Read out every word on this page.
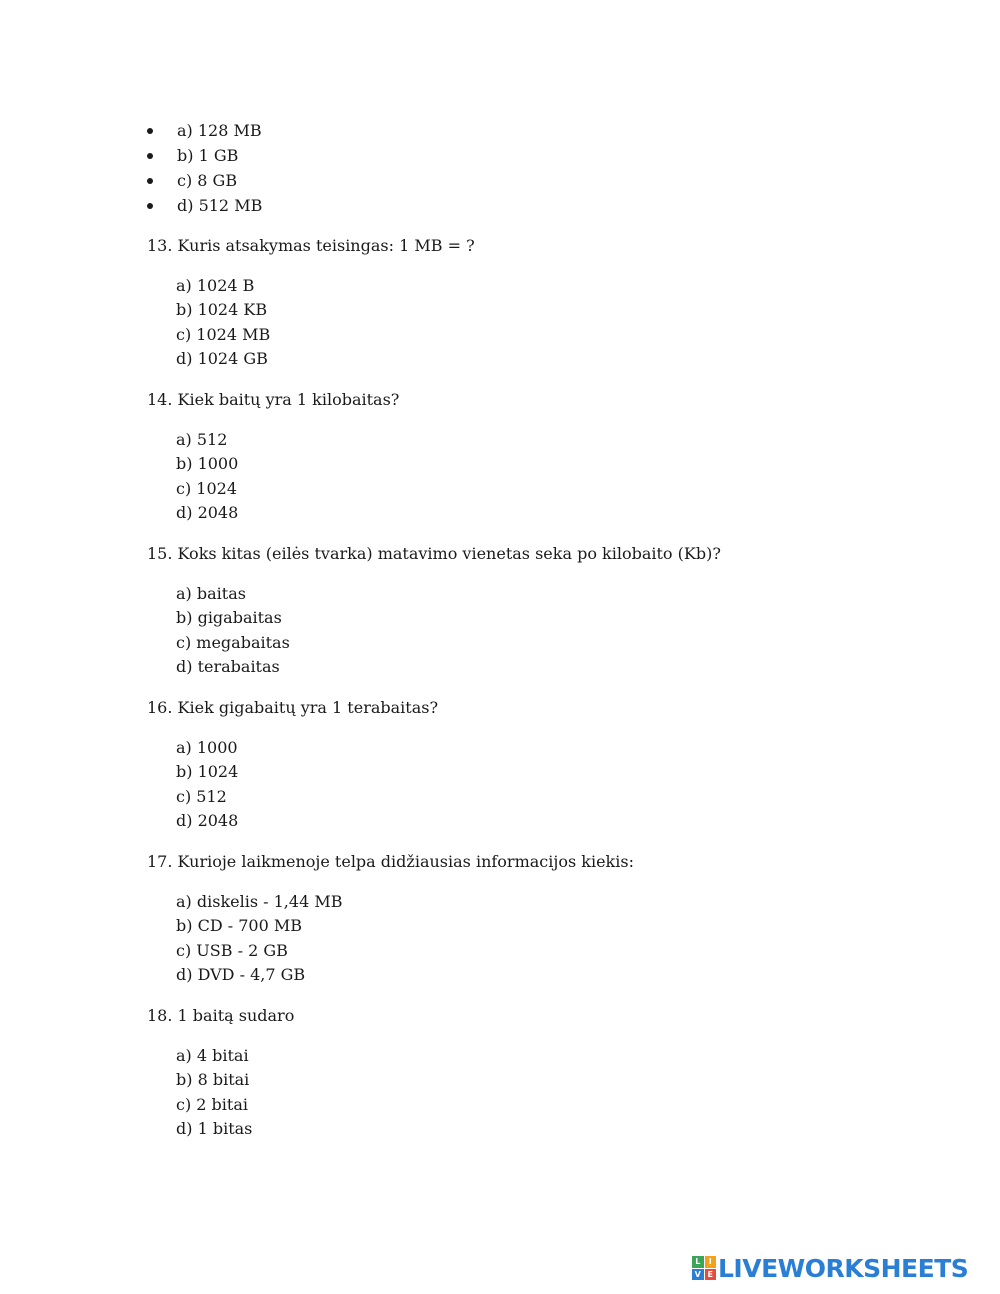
a) 128 MB
b) 1 GB
c) 8 GB
d) 512 MB
13. Kuris atsakymas teisingas: 1 MB = ?
a) 1024 B
b) 1024 KB
c) 1024 MB
d) 1024 GB
14. Kiek baitų yra 1 kilobaitas?
a) 512
b) 1000
c) 1024
d) 2048
15. Koks kitas (eilės tvarka) matavimo vienetas seka po kilobaito (Kb)?
a) baitas
b) gigabaitas
c) megabaitas
d) terabaitas
16. Kiek gigabaitų yra 1 terabaitas?
a) 1000
b) 1024
c) 512
d) 2048
17. Kurioje laikmenoje telpa didžiausias informacijos kiekis:
a) diskelis - 1,44 MB
b) CD - 700 MB
c) USB - 2 GB
d) DVD - 4,7 GB
18. 1 baitą sudaro
a) 4 bitai
b) 8 bitai
c) 2 bitai
d) 1 bitas
L	I
V E LIVEWORKSHEETS
